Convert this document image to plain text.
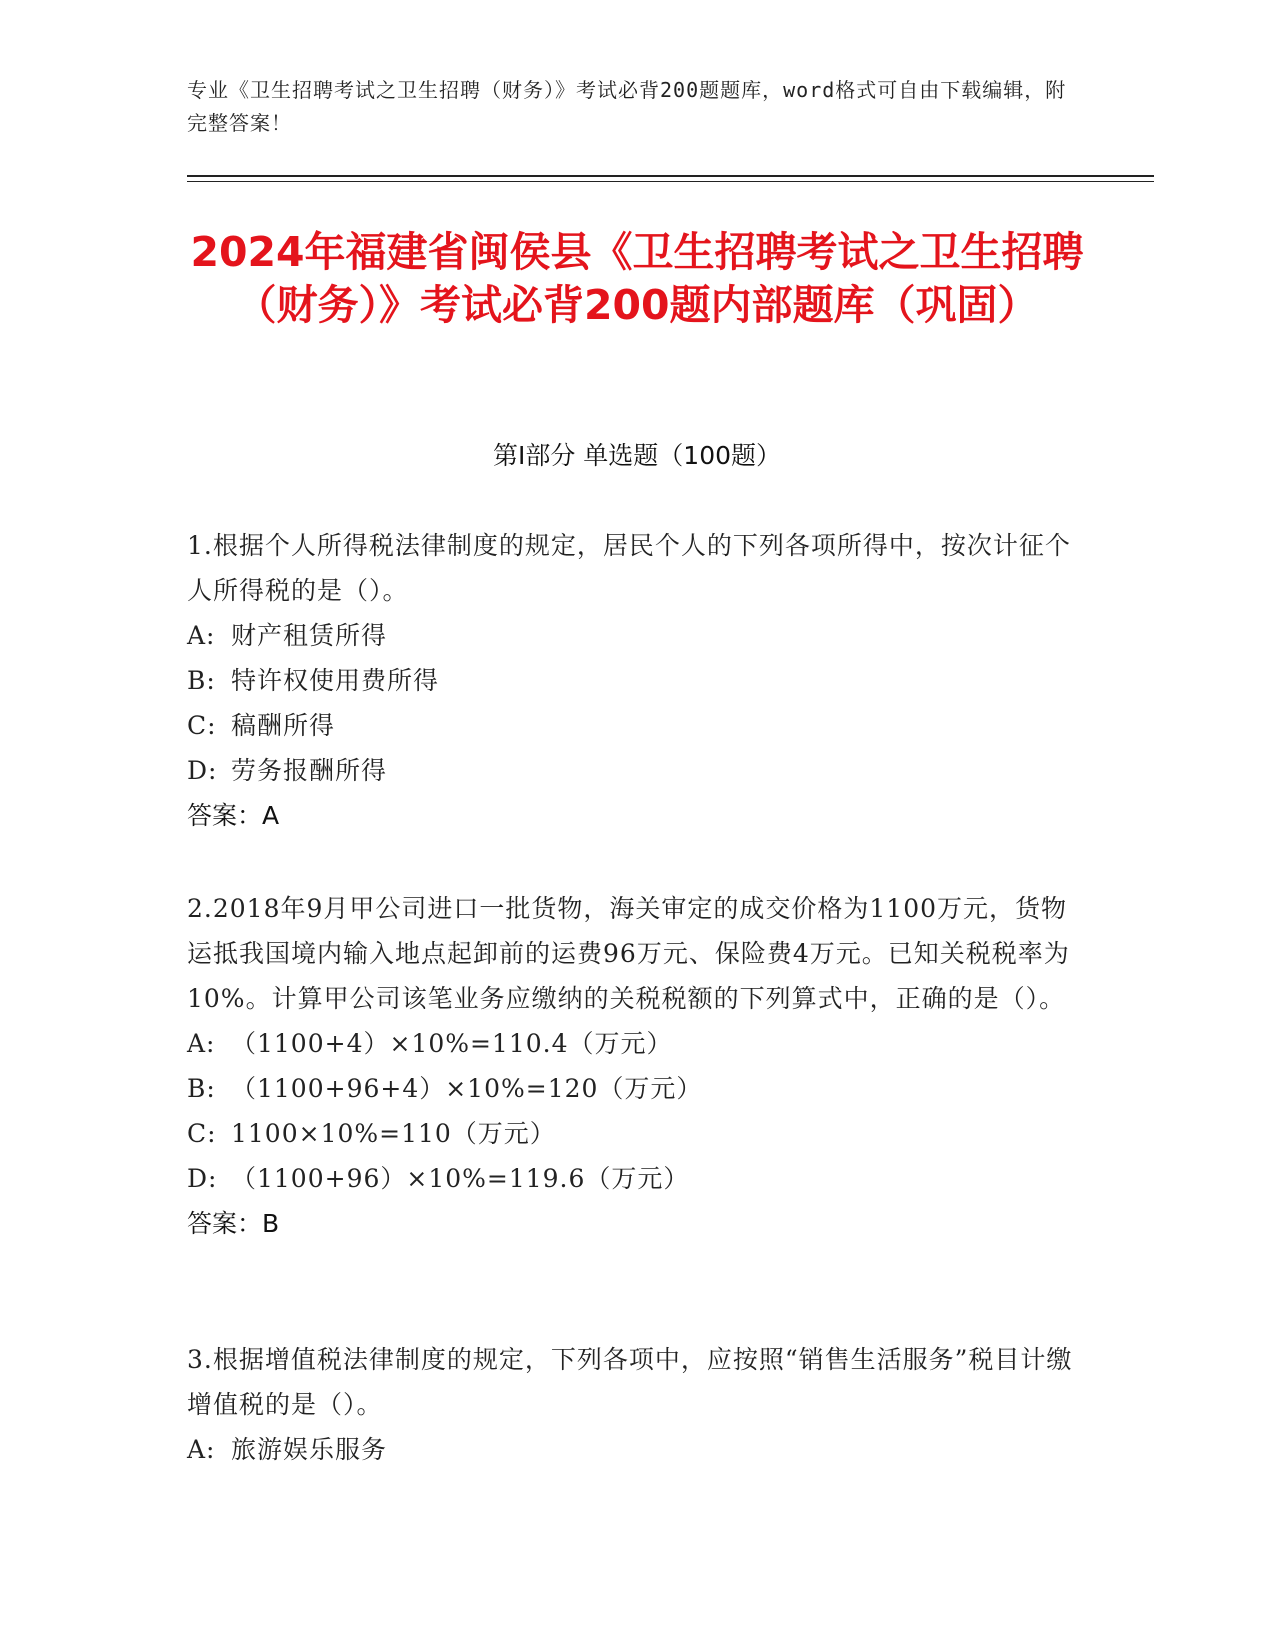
专业《卫生招聘考试之卫生招聘（财务）》考试必背200题题库，word格式可自由下载编辑，附完整答案！
2024年福建省闽侯县《卫生招聘考试之卫生招聘（财务）》考试必背200题内部题库（巩固）
第I部分 单选题（100题）
1.根据个人所得税法律制度的规定，居民个人的下列各项所得中，按次计征个人所得税的是（）。
A: 财产租赁所得
B: 特许权使用费所得
C: 稿酬所得
D: 劳务报酬所得
答案：A
2.2018年9月甲公司进口一批货物，海关审定的成交价格为1100万元，货物运抵我国境内输入地点起卸前的运费96万元、保险费4万元。已知关税税率为10%。计算甲公司该笔业务应缴纳的关税税额的下列算式中，正确的是（）。
A: （1100+4）×10%=110.4（万元）
B: （1100+96+4）×10%=120（万元）
C: 1100×10%=110（万元）
D: （1100+96）×10%=119.6（万元）
答案：B
3.根据增值税法律制度的规定，下列各项中，应按照“销售生活服务”税目计缴增值税的是（）。
A: 旅游娱乐服务
